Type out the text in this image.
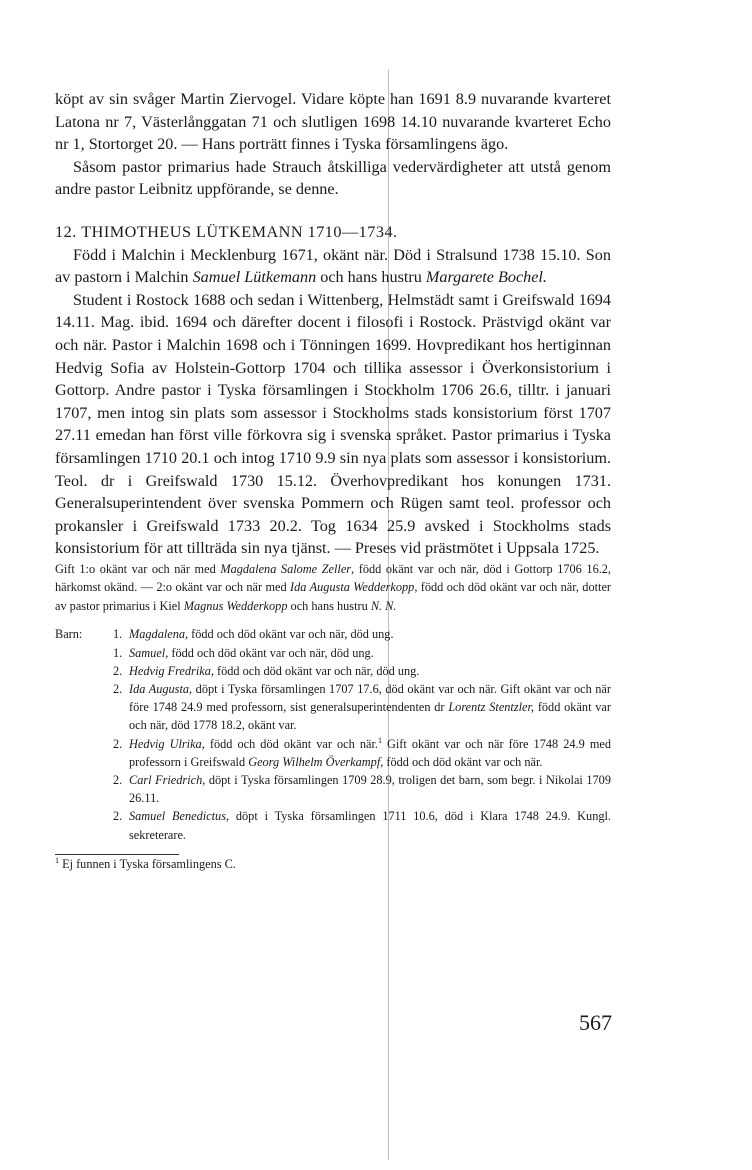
köpt av sin svåger Martin Ziervogel. Vidare köpte han 1691 8.9 nuvarande kvarteret Latona nr 7, Västerlånggatan 71 och slutligen 1698 14.10 nuvarande kvarteret Echo nr 1, Stortorget 20. — Hans porträtt finnes i Tyska församlingens ägo.

Såsom pastor primarius hade Strauch åtskilliga vedervärdigheter att utstå genom andre pastor Leibnitz uppförande, se denne.

12. THIMOTHEUS LÜTKEMANN 1710—1734.

Född i Malchin i Mecklenburg 1671, okänt när. Död i Stralsund 1738 15.10. Son av pastorn i Malchin Samuel Lütkemann och hans hustru Margarete Bochel.

Student i Rostock 1688 och sedan i Wittenberg, Helmstädt samt i Greifswald 1694 14.11. Mag. ibid. 1694 och därefter docent i filosofi i Rostock. Prästvigd okänt var och när. Pastor i Malchin 1698 och i Tönningen 1699. Hovpredikant hos hertiginnan Hedvig Sofia av Holstein-Gottorp 1704 och tillika assessor i Överkonsistorium i Gottorp. Andre pastor i Tyska församlingen i Stockholm 1706 26.6, tilltr. i januari 1707, men intog sin plats som assessor i Stockholms stads konsistorium först 1707 27.11 emedan han först ville förkovra sig i svenska språket. Pastor primarius i Tyska församlingen 1710 20.1 och intog 1710 9.9 sin nya plats som assessor i konsistorium. Teol. dr i Greifswald 1730 15.12. Överhovpredikant hos konungen 1731. Generalsuperintendent över svenska Pommern och Rügen samt teol. professor och prokansler i Greifswald 1733 20.2. Tog 1634 25.9 avsked i Stockholms stads konsistorium för att tillträda sin nya tjänst. — Preses vid prästmötet i Uppsala 1725.

Gift 1:o okänt var och när med Magdalena Salome Zeller, född okänt var och när, död i Gottorp 1706 16.2, härkomst okänd. — 2:o okänt var och när med Ida Augusta Wedderkopp, född och död okänt var och när, dotter av pastor primarius i Kiel Magnus Wedderkopp och hans hustru N. N.

Barn: 1. Magdalena, född och död okänt var och när, död ung.
1. Samuel, född och död okänt var och när, död ung.
2. Hedvig Fredrika, född och död okänt var och när, död ung.
2. Ida Augusta, döpt i Tyska församlingen 1707 17.6, död okänt var och när. Gift okänt var och när före 1748 24.9 med professorn, sist generalsuperintendenten dr Lorentz Stentzler, född okänt var och när, död 1778 18.2, okänt var.
2. Hedvig Ulrika, född och död okänt var och när.$^1$ Gift okänt var och när före 1748 24.9 med professorn i Greifswald Georg Wilhelm Överkampf, född och död okänt var och när.
2. Carl Friedrich, döpt i Tyska församlingen 1709 28.9, troligen det barn, som begr. i Nikolai 1709 26.11.
2. Samuel Benedictus, döpt i Tyska församlingen 1711 10.6, död i Klara 1748 24.9. Kungl. sekreterare.

$^1$ Ej funnen i Tyska församlingens C.

567
